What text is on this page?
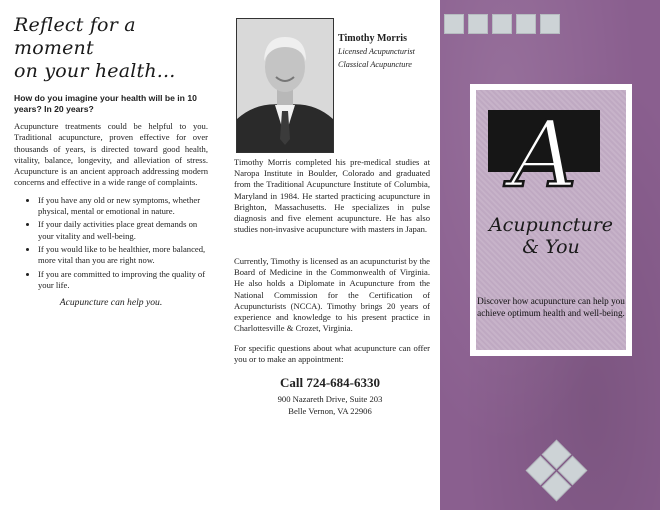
Reflect for a moment
on your health...

How do you imagine your health will be in 10 years? In 20 years?

Acupuncture treatments could be helpful to you. Traditional acupuncture, proven effective for over thousands of years, is directed toward good health, vitality, balance, longevity, and alleviation of stress. Acupuncture is an ancient approach addressing modern concerns and effective in a wide range of complaints.

• If you have any old or new symptoms, whether physical, mental or emotional in nature.
• If your daily activities place great demands on your vitality and well-being.
• If you would like to be healthier, more balanced, more vital than you are right now.
• If you are committed to improving the quality of your life.
Acupuncture can help you.
Timothy Morris
Licensed Acupuncturist
Classical Acupuncture
Timothy Morris completed his pre-medical studies at Naropa Institute in Boulder, Colorado and graduated from the Traditional Acupuncture Institute of Columbia, Maryland in 1984. He started practicing acupuncture in Brighton, Massachusetts. He specializes in pulse diagnosis and five element acupuncture. He has also studies non-invasive acupuncture with masters in Japan.
Currently, Timothy is licensed as an acupuncturist by the Board of Medicine in the Commonwealth of Virginia. He also holds a Diplomate in Acupuncture from the National Commission for the Certification of Acupuncturists (NCCA). Timothy brings 20 years of experience and knowledge to his present practice in Charlottesville & Crozet, Virginia.
For specific questions about what acupuncture can offer you or to make an appointment:
Call 724-684-6330
900 Nazareth Drive, Suite 203
Belle Vernon, VA 22906
A
Acupuncture
& You
Discover how acupuncture can help you achieve optimum health and well-being.
